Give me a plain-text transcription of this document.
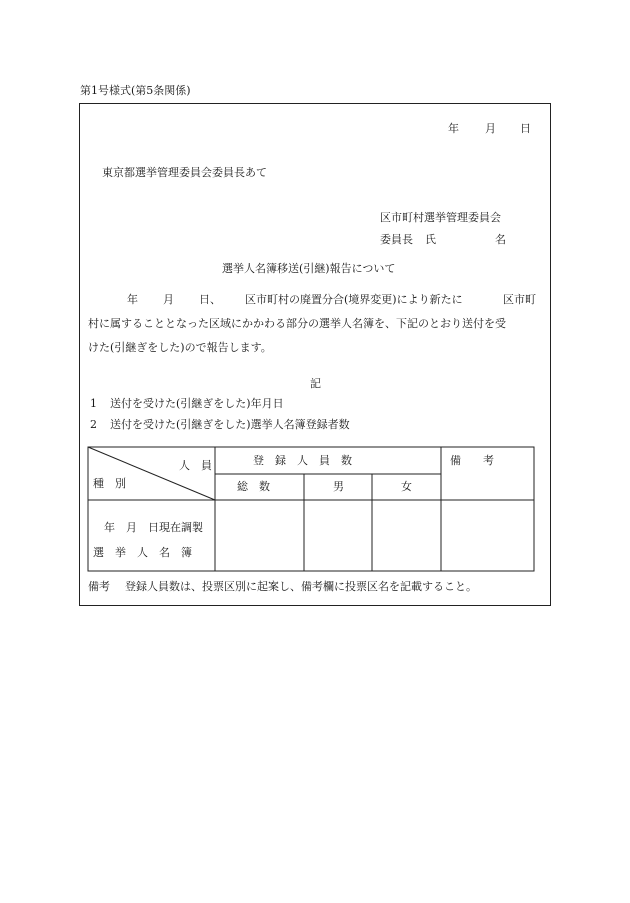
第1号様式(第5条関係)
年 月 日
東京都選挙管理委員会委員長あて
区市町村選挙管理委員会
委員長 氏	名
選挙人名簿移送(引継)報告について
年 月 日、 区市町村の廃置分合(境界変更)により新たに	区市町
村に属することとなった区域にかかわる部分の選挙人名簿を、下記のとおり送付を受
けた(引継ぎをした)ので報告します。
記
1 送付を受けた(引継ぎをした)年月日
2 送付を受けた(引継ぎをした)選挙人名簿登録者数
人　員
種　別
登　録　人　員　数	備　　考
総　数	男	女
年　月　日現在調製
選　挙　人　名　簿
備考 登録人員数は、投票区別に起案し、備考欄に投票区名を記載すること。
